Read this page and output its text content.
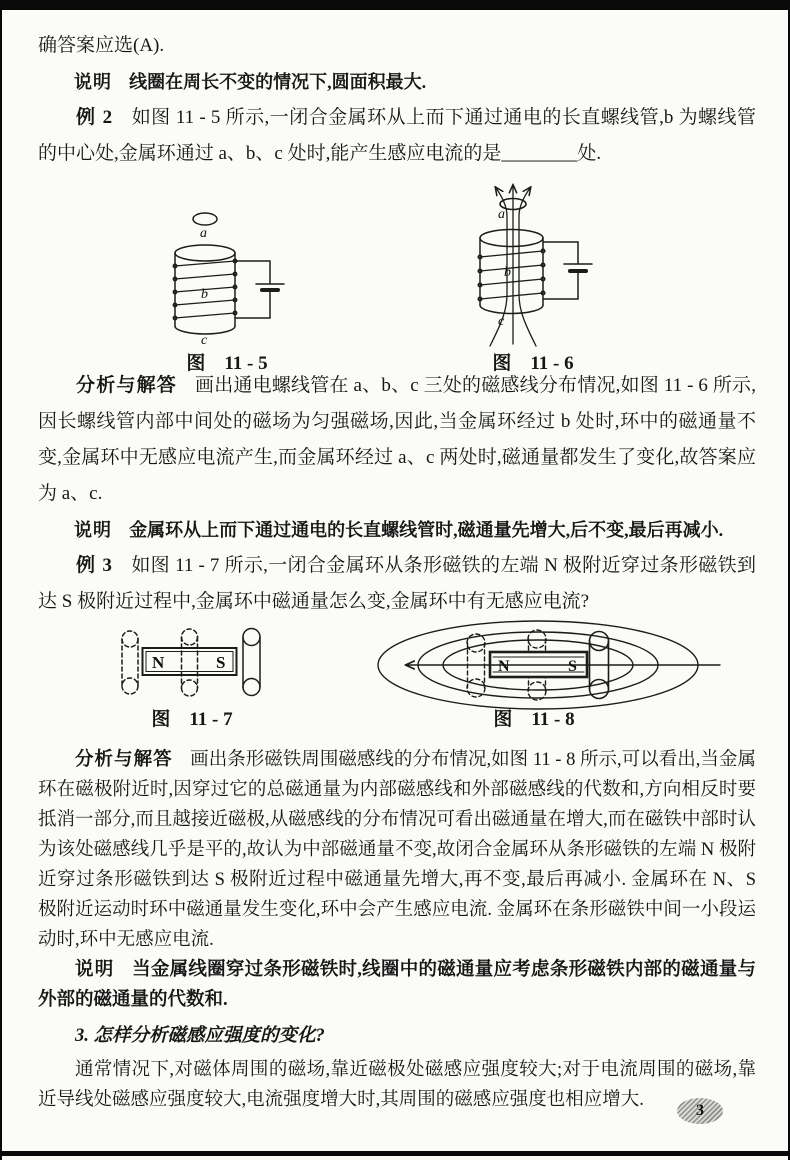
确答案应选(A).

说明 线圈在周长不变的情况下,圆面积最大.

例 2 如图 11 - 5 所示,一闭合金属环从上而下通过通电的长直螺线管,b 为螺线管的中心处,金属环通过 a、b、c 处时,能产生感应电流的是________处.

a
b
c
图　11 - 5
a
b
c
图　11 - 6

分析与解答 画出通电螺线管在 a、b、c 三处的磁感线分布情况,如图 11 - 6 所示,因长螺线管内部中间处的磁场为匀强磁场,因此,当金属环经过 b 处时,环中的磁通量不变,金属环中无感应电流产生,而金属环经过 a、c 两处时,磁通量都发生了变化,故答案应为 a、c.

说明 金属环从上而下通过通电的长直螺线管时,磁通量先增大,后不变,最后再减小.

例 3 如图 11 - 7 所示,一闭合金属环从条形磁铁的左端 N 极附近穿过条形磁铁到达 S 极附近过程中,金属环中磁通量怎么变,金属环中有无感应电流?

N	S
图　11 - 7
N	S
图　11 - 8

分析与解答 画出条形磁铁周围磁感线的分布情况,如图 11 - 8 所示,可以看出,当金属环在磁极附近时,因穿过它的总磁通量为内部磁感线和外部磁感线的代数和,方向相反时要抵消一部分,而且越接近磁极,从磁感线的分布情况可看出磁通量在增大,而在磁铁中部时认为该处磁感线几乎是平的,故认为中部磁通量不变,故闭合金属环从条形磁铁的左端 N 极附近穿过条形磁铁到达 S 极附近过程中磁通量先增大,再不变,最后再减小. 金属环在 N、S 极附近运动时环中磁通量发生变化,环中会产生感应电流. 金属环在条形磁铁中间一小段运动时,环中无感应电流.

说明 当金属线圈穿过条形磁铁时,线圈中的磁通量应考虑条形磁铁内部的磁通量与外部的磁通量的代数和.

3. 怎样分析磁感应强度的变化?

通常情况下,对磁体周围的磁场,靠近磁极处磁感应强度较大;对于电流周围的磁场,靠近导线处磁感应强度较大,电流强度增大时,其周围的磁感应强度也相应增大.

3
